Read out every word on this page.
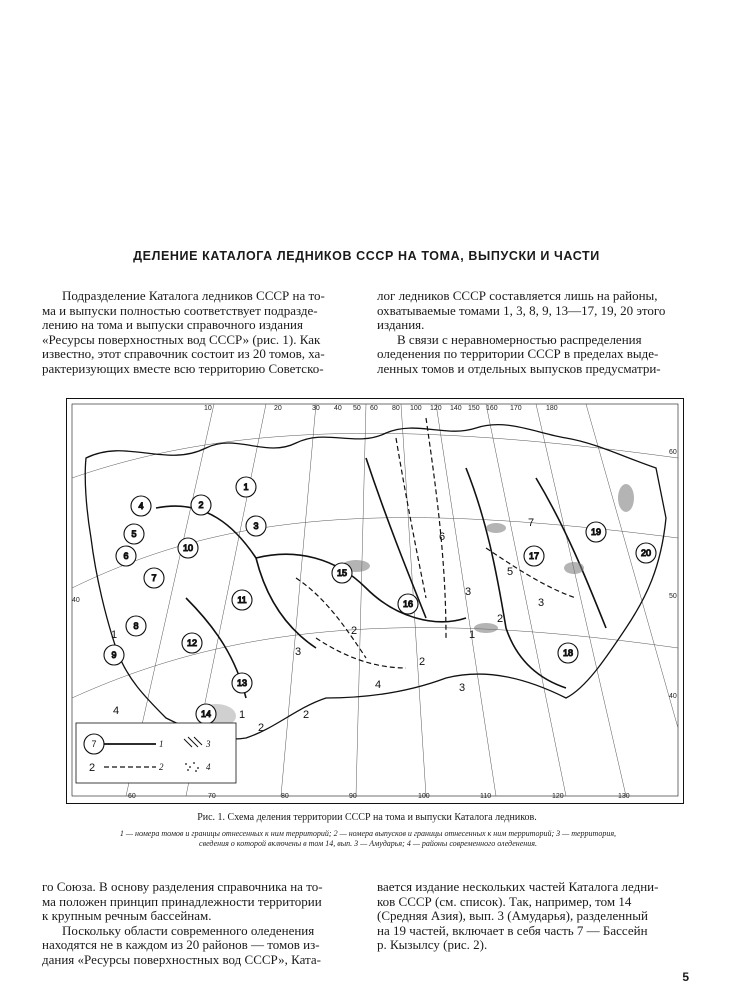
ДЕЛЕНИЕ КАТАЛОГА ЛЕДНИКОВ СССР НА ТОМА, ВЫПУСКИ И ЧАСТИ
Подразделение Каталога ледников СССР на то-
ма и выпуски полностью соответствует подразде-
лению на тома и выпуски справочного издания
«Ресурсы поверхностных вод СССР» (рис. 1). Как
известно, этот справочник состоит из 20 томов, ха-
рактеризующих вместе всю территорию Советско-
лог ледников СССР составляется лишь на районы,
охватываемые томами 1, 3, 8, 9, 13—17, 19, 20 этого
издания.
В связи с неравномерностью распределения
оледенения по территории СССР в пределах выде-
ленных томов и отдельных выпусков предусматри-
10	20	30 40 50 60 80 100 120 140 150 160 170	180
60	70	80	90	100	110	120	130
40
60
50
40
1
2
3
4
5
6
7
8
9
10
11
12
13
14
15
16
17
18
19
20
1
2
4
5
6
7
2
3
2
3
1
2
3
2
3
4
1
7	1
2	2
3
4
Рис. 1. Схема деления территории СССР на тома и выпуски Каталога ледников.
1 — номера томов и границы отнесенных к ним территорий; 2 — номера выпусков и границы отнесенных к ним территорий; 3 — территория,
сведения о которой включены в том 14, вып. 3 — Амударья; 4 — районы современного оледенения.
го Союза. В основу разделения справочника на то-
ма положен принцип принадлежности территории
к крупным речным бассейнам.
Поскольку области современного оледенения
находятся не в каждом из 20 районов — томов из-
дания «Ресурсы поверхностных вод СССР», Ката-
вается издание нескольких частей Каталога ледни-
ков СССР (см. список). Так, например, том 14
(Средняя Азия), вып. 3 (Амударья), разделенный
на 19 частей, включает в себя часть 7 — Бассейн
р. Кызылсу (рис. 2).
5
